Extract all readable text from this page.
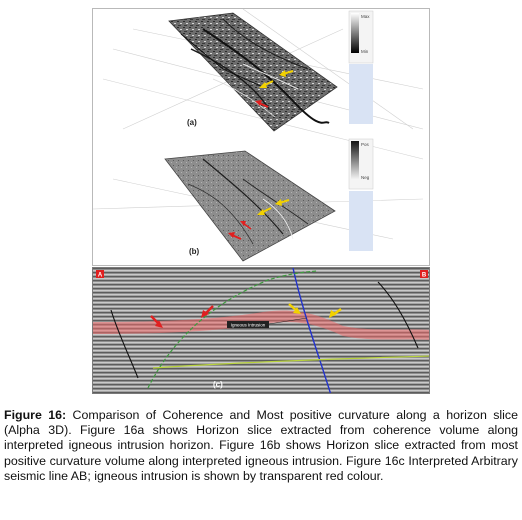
(a)
Max
Min
(b)
Pos
Neg
A	B
Igneous Intrusion
(c)

Figure 16: Comparison of Coherence and Most positive curvature along a horizon slice (Alpha 3D). Figure 16a shows Horizon slice extracted from coherence volume along interpreted igneous intrusion horizon. Figure 16b shows Horizon slice extracted from most positive curvature volume along interpreted igneous intrusion. Figure 16c Interpreted Arbitrary seismic line AB; igneous intrusion is shown by transparent red colour.
